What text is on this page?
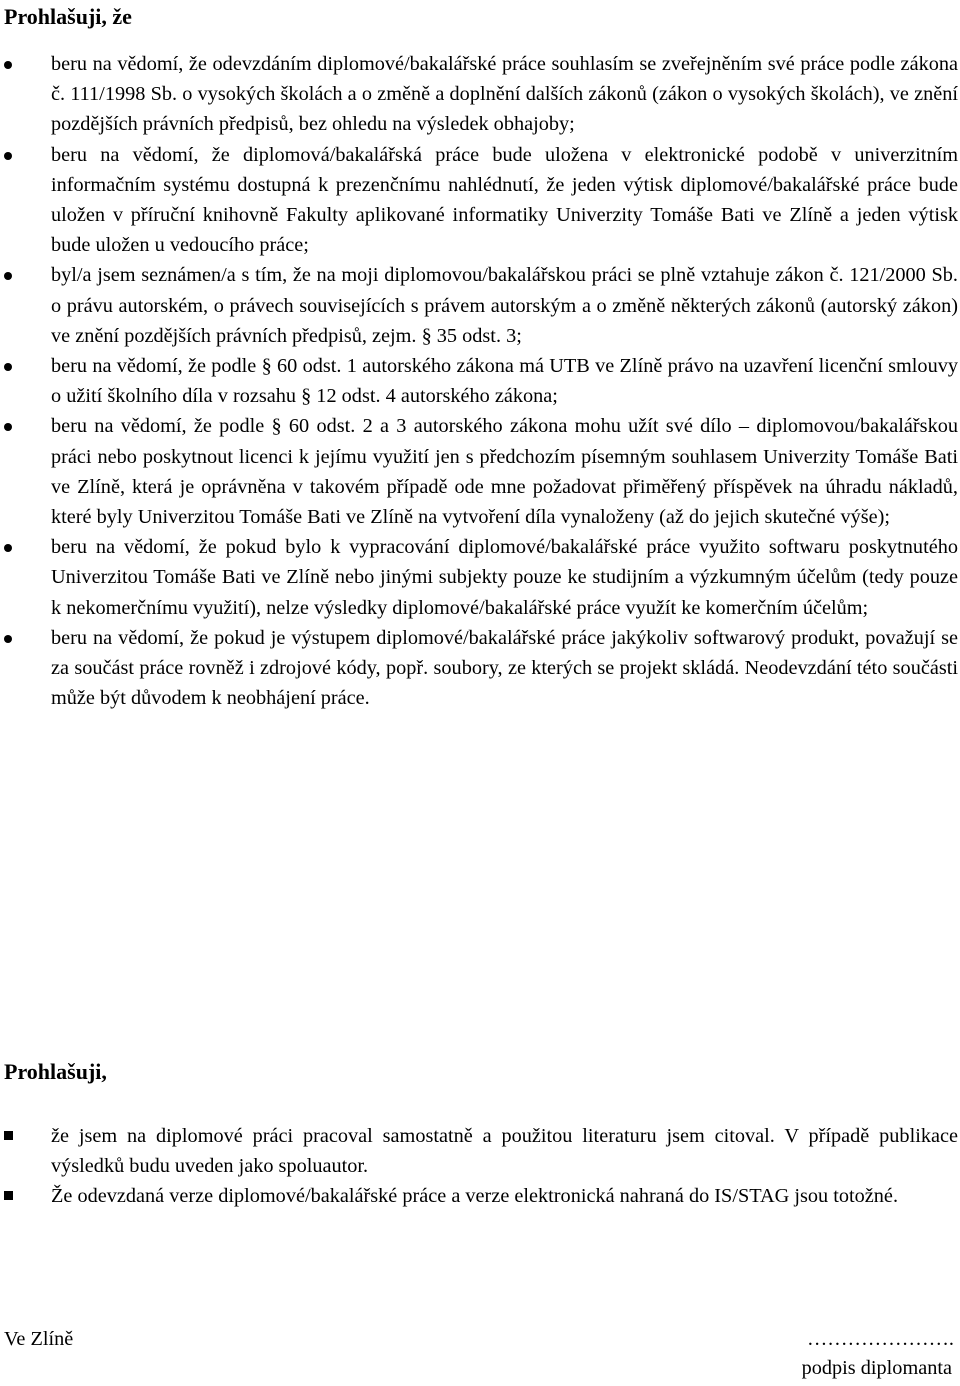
Prohlašuji, že
beru na vědomí, že odevzdáním diplomové/bakalářské práce souhlasím se zveřejněním své práce podle zákona č. 111/1998 Sb. o vysokých školách a o změně a doplnění dalších zákonů (zákon o vysokých školách), ve znění pozdějších právních předpisů, bez ohledu na výsledek obhajoby;
beru na vědomí, že diplomová/bakalářská práce bude uložena v elektronické podobě v univerzitním informačním systému dostupná k prezenčnímu nahlédnutí, že jeden výtisk diplomové/bakalářské práce bude uložen v příruční knihovně Fakulty aplikované informatiky Univerzity Tomáše Bati ve Zlíně a jeden výtisk bude uložen u vedoucího práce;
byl/a jsem seznámen/a s tím, že na moji diplomovou/bakalářskou práci se plně vztahuje zákon č. 121/2000 Sb. o právu autorském, o právech souvisejících s právem autorským a o změně některých zákonů (autorský zákon) ve znění pozdějších právních předpisů, zejm. § 35 odst. 3;
beru na vědomí, že podle § 60 odst. 1 autorského zákona má UTB ve Zlíně právo na uzavření licenční smlouvy o užití školního díla v rozsahu § 12 odst. 4 autorského zákona;
beru na vědomí, že podle § 60 odst. 2 a 3 autorského zákona mohu užít své dílo – diplomovou/bakalářskou práci nebo poskytnout licenci k jejímu využití jen s předchozím písemným souhlasem Univerzity Tomáše Bati ve Zlíně, která je oprávněna v takovém případě ode mne požadovat přiměřený příspěvek na úhradu nákladů, které byly Univerzitou Tomáše Bati ve Zlíně na vytvoření díla vynaloženy (až do jejich skutečné výše);
beru na vědomí, že pokud bylo k vypracování diplomové/bakalářské práce využito softwaru poskytnutého Univerzitou Tomáše Bati ve Zlíně nebo jinými subjekty pouze ke studijním a výzkumným účelům (tedy pouze k nekomerčnímu využití), nelze výsledky diplomové/bakalářské práce využít ke komerčním účelům;
beru na vědomí, že pokud je výstupem diplomové/bakalářské práce jakýkoliv softwarový produkt, považují se za součást práce rovněž i zdrojové kódy, popř. soubory, ze kterých se projekt skládá. Neodevzdání této součásti může být důvodem k neobhájení práce.
Prohlašuji,
že jsem na diplomové práci pracoval samostatně a použitou literaturu jsem citoval. V případě publikace výsledků budu uveden jako spoluautor.
Že odevzdaná verze diplomové/bakalářské práce a verze elektronická nahraná do IS/STAG jsou totožné.
Ve Zlíně	………………….
podpis diplomanta
